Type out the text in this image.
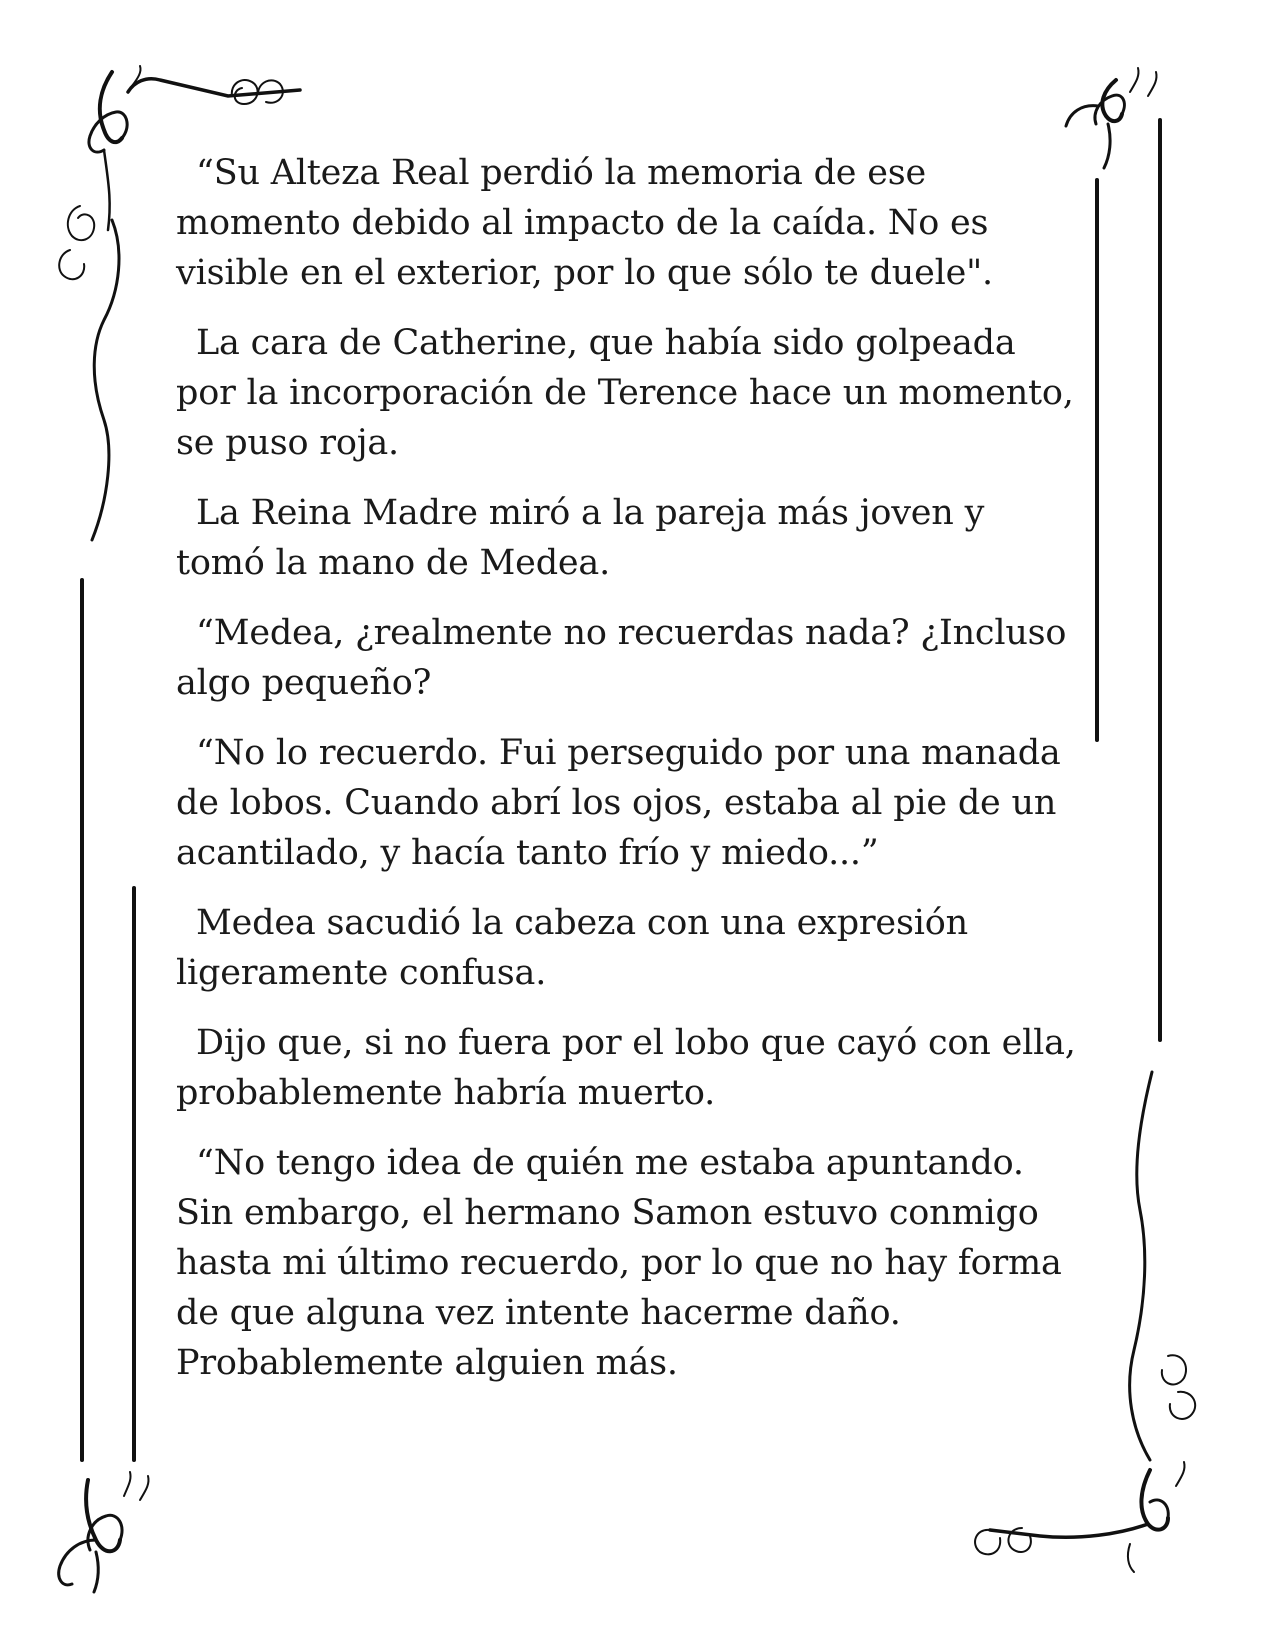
“Su Alteza Real perdió la memoria de ese momento debido al impacto de la caída. No es visible en el exterior, por lo que sólo te duele".

La cara de Catherine, que había sido golpeada por la incorporación de Terence hace un momento, se puso roja.

La Reina Madre miró a la pareja más joven y tomó la mano de Medea.

“Medea, ¿realmente no recuerdas nada? ¿Incluso algo pequeño?

“No lo recuerdo. Fui perseguido por una manada de lobos. Cuando abrí los ojos, estaba al pie de un acantilado, y hacía tanto frío y miedo...”

Medea sacudió la cabeza con una expresión ligeramente confusa.

Dijo que, si no fuera por el lobo que cayó con ella, probablemente habría muerto.

“No tengo idea de quién me estaba apuntando. Sin embargo, el hermano Samon estuvo conmigo hasta mi último recuerdo, por lo que no hay forma de que alguna vez intente hacerme daño. Probablemente alguien más.
